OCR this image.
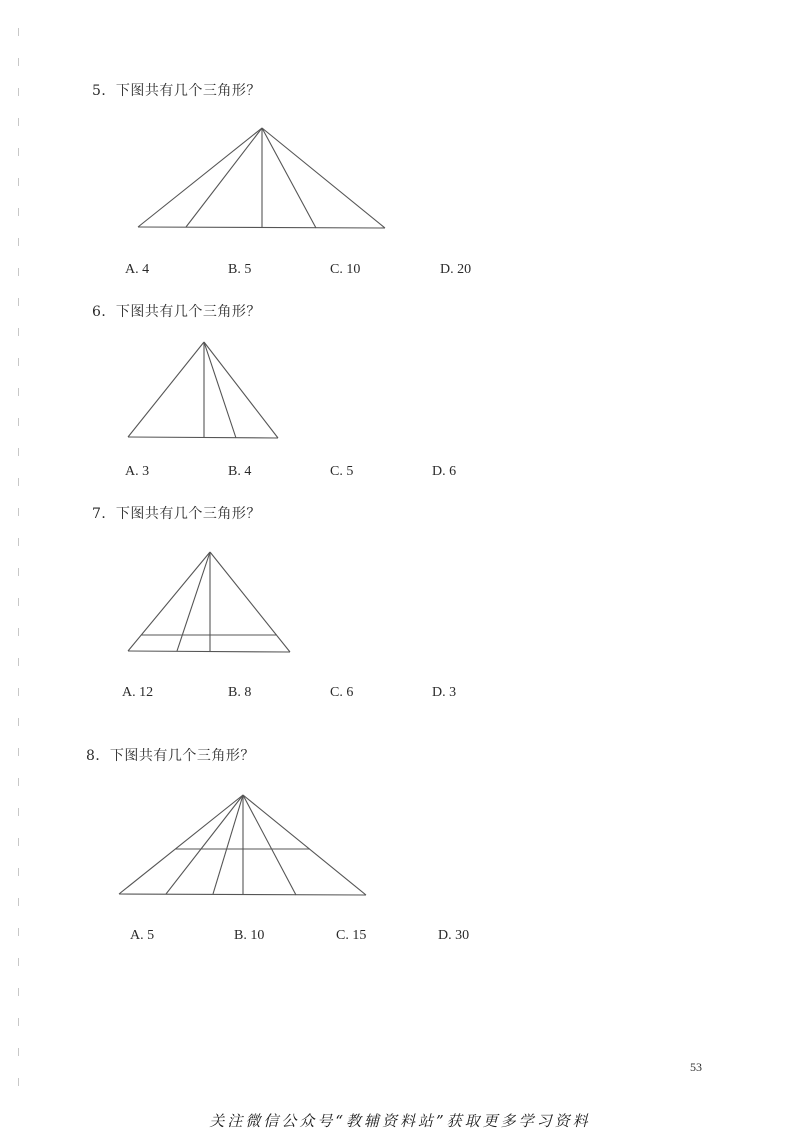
5．下图共有几个三角形？
A. 4	B. 5	C. 10	D. 20
6．下图共有几个三角形？
A. 3	B. 4	C. 5	D. 6
7．下图共有几个三角形？
A. 12	B. 8	C. 6	D. 3
8．下图共有几个三角形？
A. 5	B. 10	C. 15	D. 30
53
关注微信公众号“教辅资料站”获取更多学习资料
